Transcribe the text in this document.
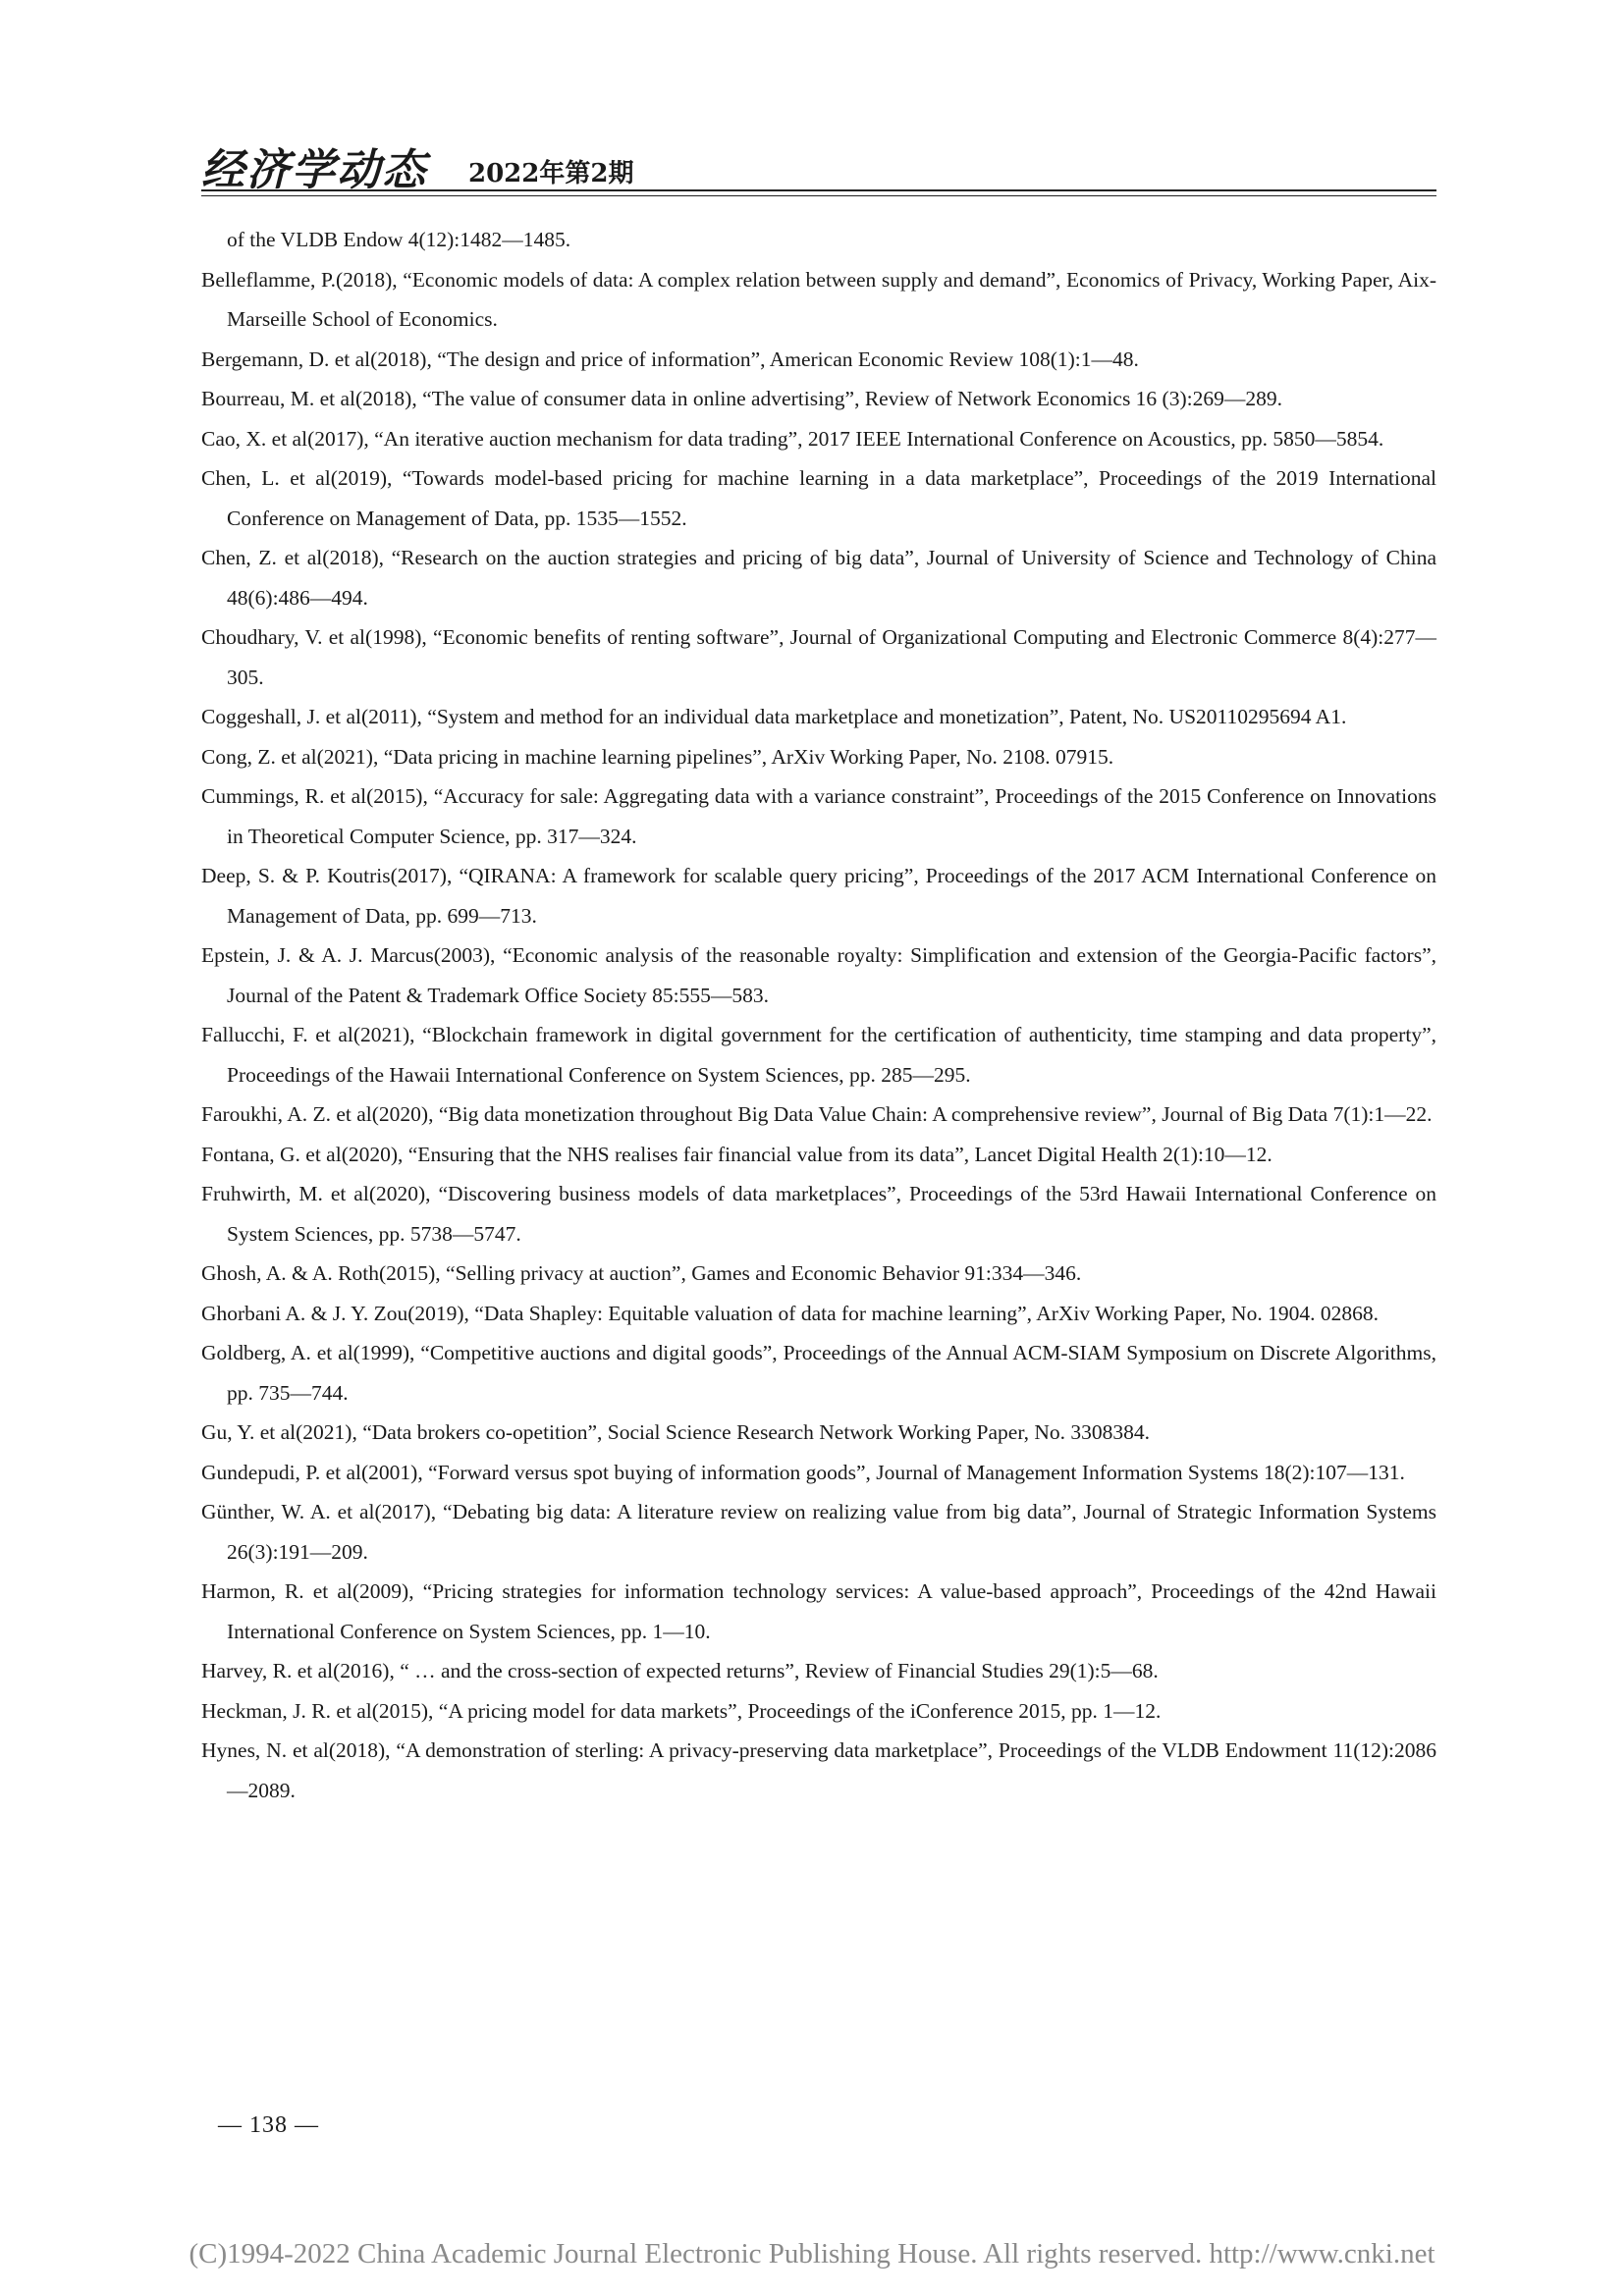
经济学动态 2022年第2期
of the VLDB Endow 4(12):1482—1485.
Belleflamme, P.(2018), “Economic models of data: A complex relation between supply and demand”, Economics of Privacy, Working Paper, Aix-Marseille School of Economics.
Bergemann, D. et al(2018), “The design and price of information”, American Economic Review 108(1):1—48.
Bourreau, M. et al(2018), “The value of consumer data in online advertising”, Review of Network Economics 16 (3):269—289.
Cao, X. et al(2017), “An iterative auction mechanism for data trading”, 2017 IEEE International Conference on Acoustics, pp. 5850—5854.
Chen, L. et al(2019), “Towards model-based pricing for machine learning in a data marketplace”, Proceedings of the 2019 International Conference on Management of Data, pp. 1535—1552.
Chen, Z. et al(2018), “Research on the auction strategies and pricing of big data”, Journal of University of Science and Technology of China 48(6):486—494.
Choudhary, V. et al(1998), “Economic benefits of renting software”, Journal of Organizational Computing and Electronic Commerce 8(4):277—305.
Coggeshall, J. et al(2011), “System and method for an individual data marketplace and monetization”, Patent, No. US20110295694 A1.
Cong, Z. et al(2021), “Data pricing in machine learning pipelines”, ArXiv Working Paper, No. 2108. 07915.
Cummings, R. et al(2015), “Accuracy for sale: Aggregating data with a variance constraint”, Proceedings of the 2015 Conference on Innovations in Theoretical Computer Science, pp. 317—324.
Deep, S. & P. Koutris(2017), “QIRANA: A framework for scalable query pricing”, Proceedings of the 2017 ACM International Conference on Management of Data, pp. 699—713.
Epstein, J. & A. J. Marcus(2003), “Economic analysis of the reasonable royalty: Simplification and extension of the Georgia-Pacific factors”, Journal of the Patent & Trademark Office Society 85:555—583.
Fallucchi, F. et al(2021), “Blockchain framework in digital government for the certification of authenticity, time stamping and data property”, Proceedings of the Hawaii International Conference on System Sciences, pp. 285—295.
Faroukhi, A. Z. et al(2020), “Big data monetization throughout Big Data Value Chain: A comprehensive review”, Journal of Big Data 7(1):1—22.
Fontana, G. et al(2020), “Ensuring that the NHS realises fair financial value from its data”, Lancet Digital Health 2(1):10—12.
Fruhwirth, M. et al(2020), “Discovering business models of data marketplaces”, Proceedings of the 53rd Hawaii International Conference on System Sciences, pp. 5738—5747.
Ghosh, A. & A. Roth(2015), “Selling privacy at auction”, Games and Economic Behavior 91:334—346.
Ghorbani A. & J. Y. Zou(2019), “Data Shapley: Equitable valuation of data for machine learning”, ArXiv Working Paper, No. 1904. 02868.
Goldberg, A. et al(1999), “Competitive auctions and digital goods”, Proceedings of the Annual ACM-SIAM Symposium on Discrete Algorithms, pp. 735—744.
Gu, Y. et al(2021), “Data brokers co-opetition”, Social Science Research Network Working Paper, No. 3308384.
Gundepudi, P. et al(2001), “Forward versus spot buying of information goods”, Journal of Management Information Systems 18(2):107—131.
Günther, W. A. et al(2017), “Debating big data: A literature review on realizing value from big data”, Journal of Strategic Information Systems 26(3):191—209.
Harmon, R. et al(2009), “Pricing strategies for information technology services: A value-based approach”, Proceedings of the 42nd Hawaii International Conference on System Sciences, pp. 1—10.
Harvey, R. et al(2016), “ … and the cross-section of expected returns”, Review of Financial Studies 29(1):5—68.
Heckman, J. R. et al(2015), “A pricing model for data markets”, Proceedings of the iConference 2015, pp. 1—12.
Hynes, N. et al(2018), “A demonstration of sterling: A privacy-preserving data marketplace”, Proceedings of the VLDB Endowment 11(12):2086—2089.
— 138 —
(C)1994-2022 China Academic Journal Electronic Publishing House. All rights reserved. http://www.cnki.net
